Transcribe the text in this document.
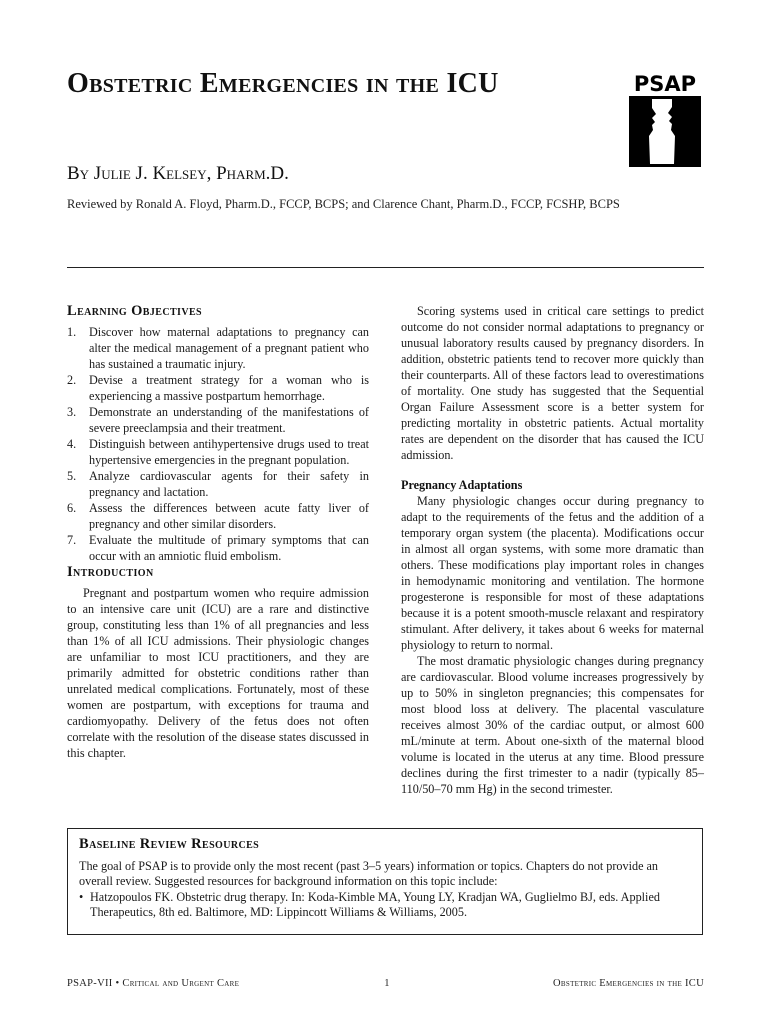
Obstetric Emergencies in the ICU	PSAP
By Julie J. Kelsey, Pharm.D.
Reviewed by Ronald A. Floyd, Pharm.D., FCCP, BCPS; and Clarence Chant, Pharm.D., FCCP, FCSHP, BCPS
Learning Objectives
1.	Discover how maternal adaptations to pregnancy can alter the medical management of a pregnant patient who has sustained a traumatic injury.
2.	Devise a treatment strategy for a woman who is experiencing a massive postpartum hemorrhage.
3.	Demonstrate an understanding of the manifestations of severe preeclampsia and their treatment.
4.	Distinguish between antihypertensive drugs used to treat hypertensive emergencies in the pregnant population.
5.	Analyze cardiovascular agents for their safety in pregnancy and lactation.
6.	Assess the differences between acute fatty liver of pregnancy and other similar disorders.
7.	Evaluate the multitude of primary symptoms that can occur with an amniotic fluid embolism.
Introduction

Pregnant and postpartum women who require admission to an intensive care unit (ICU) are a rare and distinctive group, constituting less than 1% of all pregnancies and less than 1% of all ICU admissions. Their physiologic changes are unfamiliar to most ICU practitioners, and they are primarily admitted for obstetric conditions rather than unrelated medical complications. Fortunately, most of these women are postpartum, with exceptions for trauma and cardiomyopathy. Delivery of the fetus does not often correlate with the resolution of the disease states discussed in this chapter.

Scoring systems used in critical care settings to predict outcome do not consider normal adaptations to pregnancy or unusual laboratory results caused by pregnancy disorders. In addition, obstetric patients tend to recover more quickly than their counterparts. All of these factors lead to overestimations of mortality. One study has suggested that the Sequential Organ Failure Assessment score is a better system for predicting mortality in obstetric patients. Actual mortality rates are dependent on the disorder that has caused the ICU admission.

Pregnancy Adaptations

Many physiologic changes occur during pregnancy to adapt to the requirements of the fetus and the addition of a temporary organ system (the placenta). Modifications occur in almost all organ systems, with some more dramatic than others. These modifications play important roles in changes in hemodynamic monitoring and ventilation. The hormone progesterone is responsible for most of these adaptations because it is a potent smooth-muscle relaxant and respiratory stimulant. After delivery, it takes about 6 weeks for maternal physiology to return to normal.

The most dramatic physiologic changes during pregnancy are cardiovascular. Blood volume increases progressively by up to 50% in singleton pregnancies; this compensates for most blood loss at delivery. The placental vasculature receives almost 30% of the cardiac output, or almost 600 mL/minute at term. About one-sixth of the maternal blood volume is located in the uterus at any time. Blood pressure declines during the first trimester to a nadir (typically 85–110/50–70 mm Hg) in the second trimester.

Baseline Review Resources
The goal of PSAP is to provide only the most recent (past 3–5 years) information or topics. Chapters do not provide an overall review. Suggested resources for background information on this topic include:
• Hatzopoulos FK. Obstetric drug therapy. In: Koda-Kimble MA, Young LY, Kradjan WA, Guglielmo BJ, eds. Applied Therapeutics, 8th ed. Baltimore, MD: Lippincott Williams & Williams, 2005.
PSAP-VII • Critical and Urgent Care	1	Obstetric Emergencies in the ICU
